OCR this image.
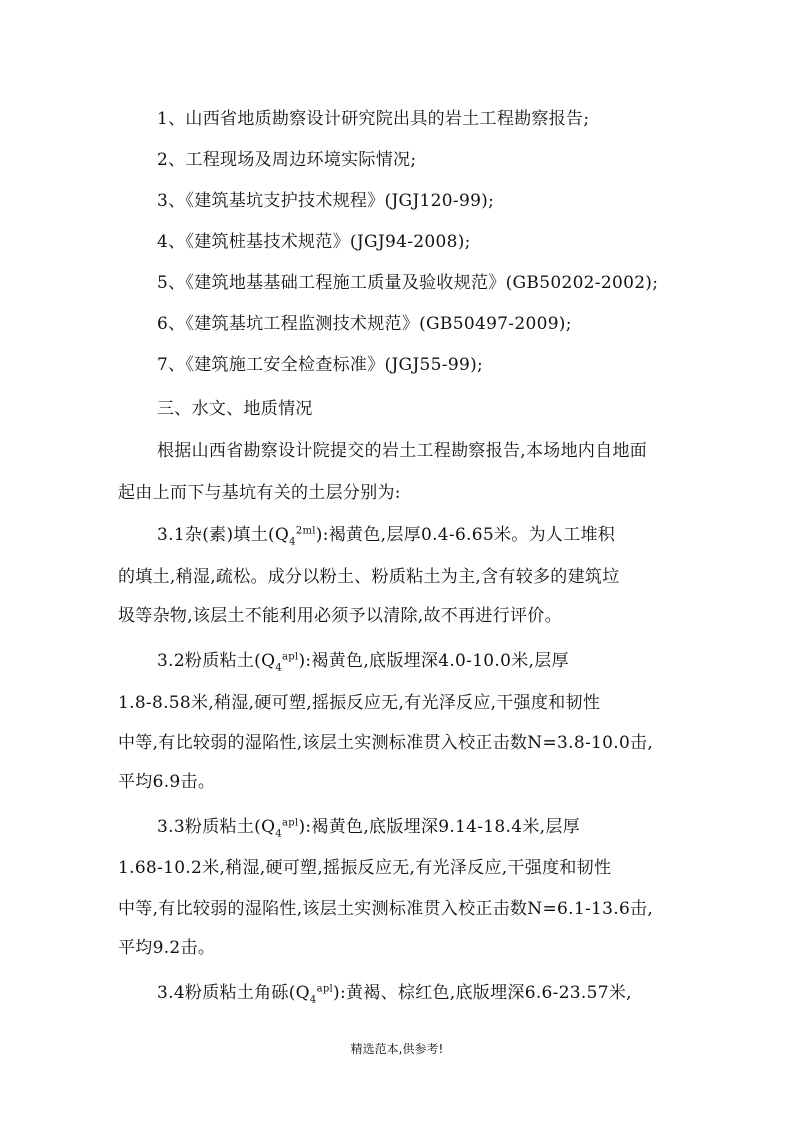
1、山西省地质勘察设计研究院出具的岩土工程勘察报告;
2、工程现场及周边环境实际情况;
3、《建筑基坑支护技术规程》(JGJ120-99);
4、《建筑桩基技术规范》(JGJ94-2008);
5、《建筑地基基础工程施工质量及验收规范》(GB50202-2002);
6、《建筑基坑工程监测技术规范》(GB50497-2009);
7、《建筑施工安全检查标准》(JGJ55-99);
三、水文、地质情况
根据山西省勘察设计院提交的岩土工程勘察报告,本场地内自地面
起由上而下与基坑有关的土层分别为:
3.1杂(素)填土$(Q_4^{2ml})$:褐黄色,层厚0.4-6.65米。为人工堆积
的填土,稍湿,疏松。成分以粉土、粉质粘土为主,含有较多的建筑垃
圾等杂物,该层土不能利用必须予以清除,故不再进行评价。
3.2粉质粘土$(Q_4^{apl})$:褐黄色,底版埋深4.0-10.0米,层厚
1.8-8.58米,稍湿,硬可塑,摇振反应无,有光泽反应,干强度和韧性
中等,有比较弱的湿陷性,该层土实测标准贯入校正击数N=3.8-10.0击,
平均6.9击。
3.3粉质粘土$(Q_4^{apl})$:褐黄色,底版埋深9.14-18.4米,层厚
1.68-10.2米,稍湿,硬可塑,摇振反应无,有光泽反应,干强度和韧性
中等,有比较弱的湿陷性,该层土实测标准贯入校正击数N=6.1-13.6击,
平均9.2击。
3.4粉质粘土角砾$(Q_4^{apl})$:黄褐、棕红色,底版埋深6.6-23.57米,
精选范本,供参考!
